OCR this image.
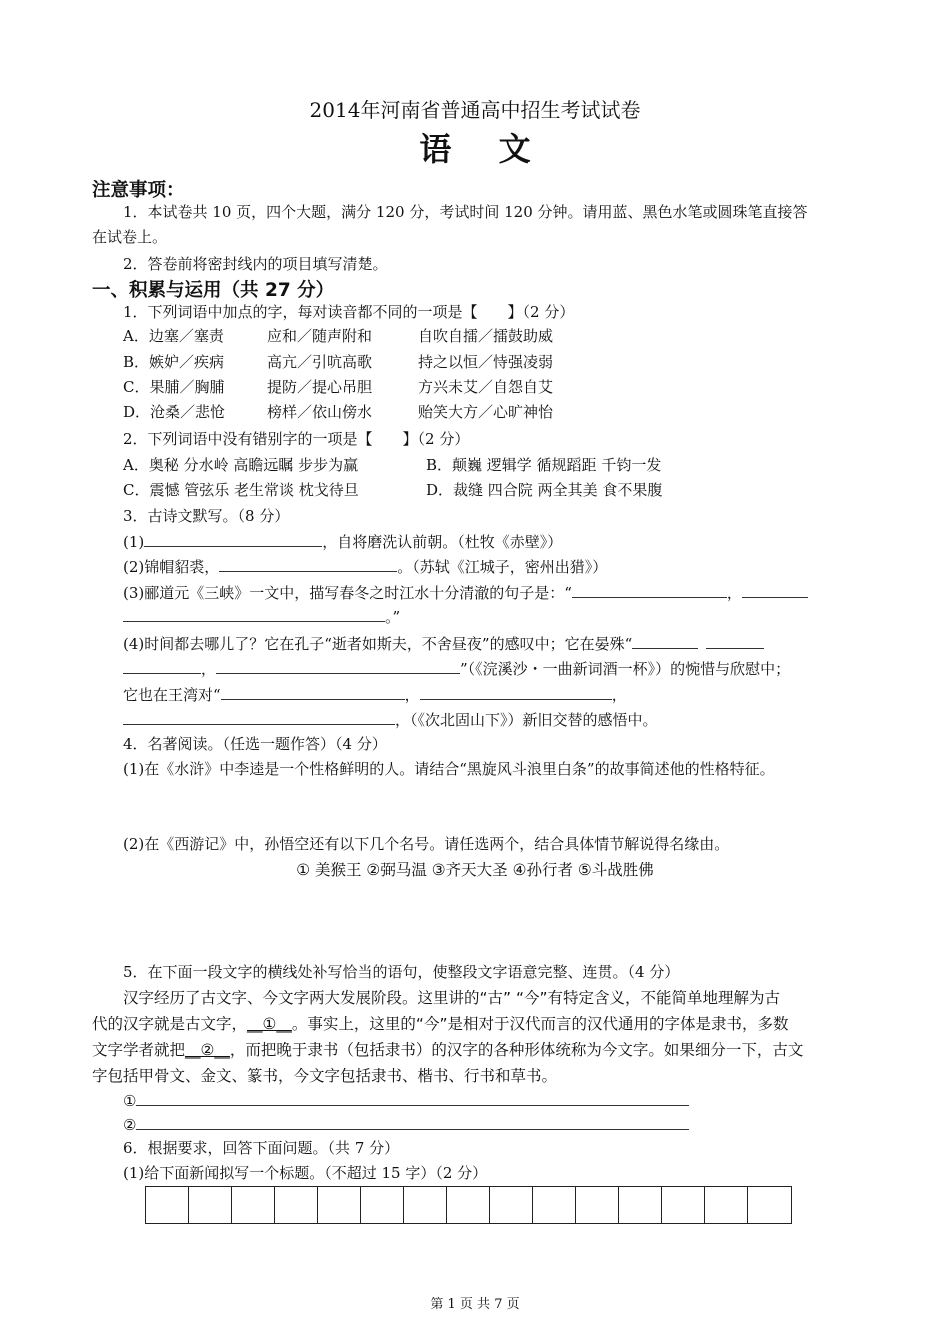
2014年河南省普通高中招生考试试卷
语 文
注意事项：
1．本试卷共 10 页，四个大题，满分 120 分，考试时间 120 分钟。请用蓝、黑色水笔或圆珠笔直接答
在试卷上。
2．答卷前将密封线内的项目填写清楚。
一、积累与运用（共 27 分）
1．下列词语中加点的字，每对读音都不同的一项是【　　】（2 分）
A．边塞／塞责	应和／随声附和	自吹自擂／擂鼓助威
B．嫉妒／疾病	高亢／引吭高歌	持之以恒／恃强凌弱
C．果脯／胸脯	提防／提心吊胆	方兴未艾／自怨自艾
D．沧桑／悲怆	榜样／依山傍水	贻笑大方／心旷神怡
2．下列词语中没有错别字的一项是【　　】（2 分）
A．奥秘 分水岭 高瞻远瞩 步步为赢	B．颠巍 逻辑学 循规蹈距 千钧一发
C．震憾 管弦乐 老生常谈 枕戈待旦	D．裁缝 四合院 两全其美 食不果腹
3．古诗文默写。（8 分）
(1)	，自将磨洗认前朝。（杜牧《赤壁》）
(2)锦帽貂裘，	。（苏轼《江城子，密州出猎》）
(3)郦道元《三峡》一文中，描写春冬之时江水十分清澈的句子是：“	，
。”
(4)时间都去哪儿了？它在孔子“逝者如斯夫，不舍昼夜”的感叹中；它在晏殊“
，	”（《浣溪沙・一曲新词酒一杯》）的惋惜与欣慰中；
它也在王湾对“	，	，
，（《次北固山下》）新旧交替的感悟中。
4．名著阅读。（任选一题作答）（4 分）
(1)在《水浒》中李逵是一个性格鲜明的人。请结合“黑旋风斗浪里白条”的故事简述他的性格特征。
(2)在《西游记》中，孙悟空还有以下几个名号。请任选两个，结合具体情节解说得名缘由。
① 美猴王 ②弼马温 ③齐天大圣 ④孙行者 ⑤斗战胜佛
5．在下面一段文字的横线处补写恰当的语句，使整段文字语意完整、连贯。（4 分）
汉字经历了古文字、今文字两大发展阶段。这里讲的“古” “今”有特定含义，不能简单地理解为古
代的汉字就是古文字，__①__。事实上，这里的“今”是相对于汉代而言的汉代通用的字体是隶书，多数
文字学者就把__②__，而把晚于隶书（包括隶书）的汉字的各种形体统称为今文字。如果细分一下，古文
字包括甲骨文、金文、篆书，今文字包括隶书、楷书、行书和草书。
①
②
6．根据要求，回答下面问题。（共 7 分）
(1)给下面新闻拟写一个标题。（不超过 15 字）（2 分）
第 1 页 共 7 页
